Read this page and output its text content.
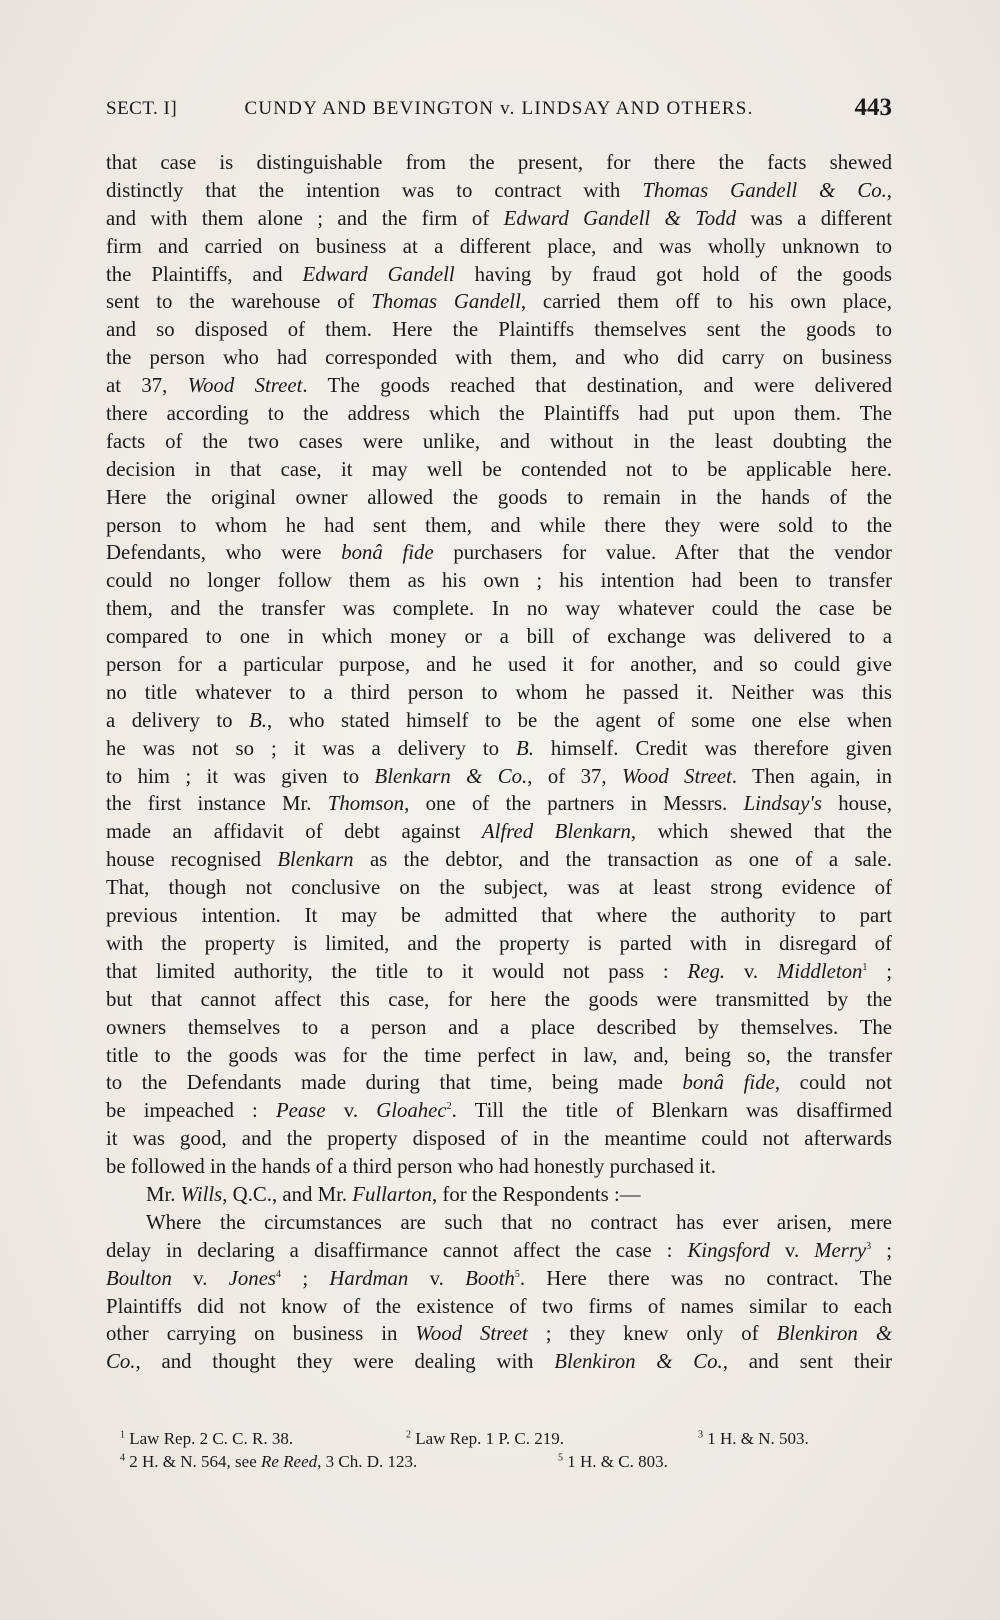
SECT. I]	CUNDY AND BEVINGTON v. LINDSAY AND OTHERS.	443
that case is distinguishable from the present, for there the facts shewed
distinctly that the intention was to contract with Thomas Gandell & Co.,
and with them alone ; and the firm of Edward Gandell & Todd was a different
firm and carried on business at a different place, and was wholly unknown to
the Plaintiffs, and Edward Gandell having by fraud got hold of the goods
sent to the warehouse of Thomas Gandell, carried them off to his own place,
and so disposed of them. Here the Plaintiffs themselves sent the goods to
the person who had corresponded with them, and who did carry on business
at 37, Wood Street. The goods reached that destination, and were delivered
there according to the address which the Plaintiffs had put upon them. The
facts of the two cases were unlike, and without in the least doubting the
decision in that case, it may well be contended not to be applicable here.
Here the original owner allowed the goods to remain in the hands of the
person to whom he had sent them, and while there they were sold to the
Defendants, who were bonâ fide purchasers for value. After that the vendor
could no longer follow them as his own ; his intention had been to transfer
them, and the transfer was complete. In no way whatever could the case be
compared to one in which money or a bill of exchange was delivered to a
person for a particular purpose, and he used it for another, and so could give
no title whatever to a third person to whom he passed it. Neither was this
a delivery to B., who stated himself to be the agent of some one else when
he was not so ; it was a delivery to B. himself. Credit was therefore given
to him ; it was given to Blenkarn & Co., of 37, Wood Street. Then again, in
the first instance Mr. Thomson, one of the partners in Messrs. Lindsay's house,
made an affidavit of debt against Alfred Blenkarn, which shewed that the
house recognised Blenkarn as the debtor, and the transaction as one of a sale.
That, though not conclusive on the subject, was at least strong evidence of
previous intention. It may be admitted that where the authority to part
with the property is limited, and the property is parted with in disregard of
that limited authority, the title to it would not pass : Reg. v. Middleton$^1$ ;
but that cannot affect this case, for here the goods were transmitted by the
owners themselves to a person and a place described by themselves. The
title to the goods was for the time perfect in law, and, being so, the transfer
to the Defendants made during that time, being made bonâ fide, could not
be impeached : Pease v. Gloahec$^2$. Till the title of Blenkarn was disaffirmed
it was good, and the property disposed of in the meantime could not afterwards
be followed in the hands of a third person who had honestly purchased it.
Mr. Wills, Q.C., and Mr. Fullarton, for the Respondents :—
Where the circumstances are such that no contract has ever arisen, mere
delay in declaring a disaffirmance cannot affect the case : Kingsford v. Merry$^3$ ;
Boulton v. Jones$^4$ ; Hardman v. Booth$^5$. Here there was no contract. The
Plaintiffs did not know of the existence of two firms of names similar to each
other carrying on business in Wood Street ; they knew only of Blenkiron &
Co., and thought they were dealing with Blenkiron & Co., and sent their
$^1$ Law Rep. 2 C. C. R. 38.	$^2$ Law Rep. 1 P. C. 219.	$^3$ 1 H. & N. 503.
$^4$ 2 H. & N. 564, see Re Reed, 3 Ch. D. 123.	$^5$ 1 H. & C. 803.
